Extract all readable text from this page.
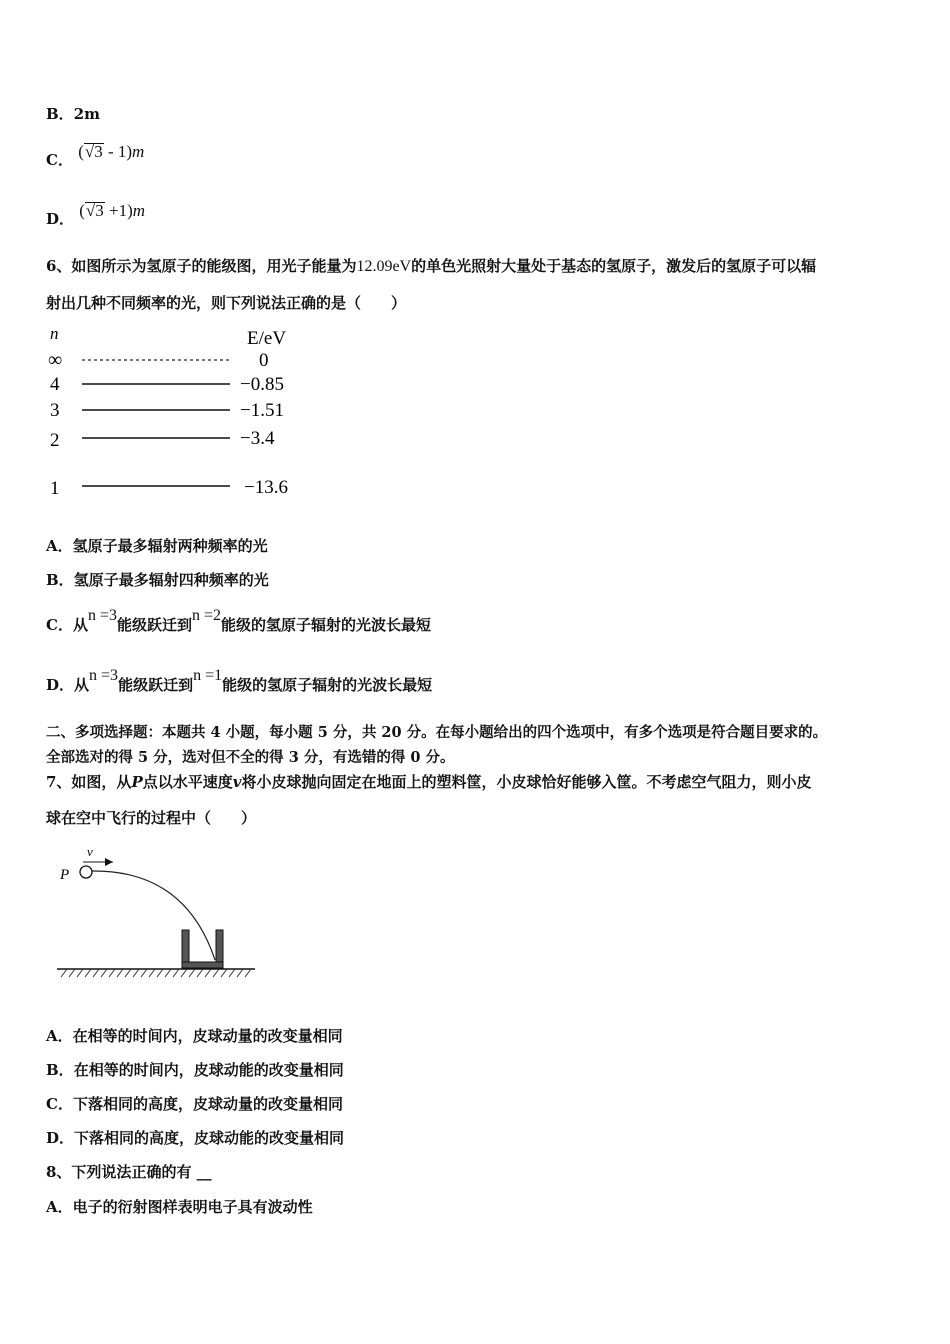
B．2m
C． (√3 - 1)m
D． (√3 +1)m
6、如图所示为氢原子的能级图，用光子能量为12.09eV的单色光照射大量处于基态的氢原子，激发后的氢原子可以辐
射出几种不同频率的光，则下列说法正确的是（　　）
n	E/eV
∞	0
4	−0.85
3	−1.51
2	−3.4
1	−13.6
A．氢原子最多辐射两种频率的光
B．氢原子最多辐射四种频率的光
C．从n =3能级跃迁到n =2能级的氢原子辐射的光波长最短
D．从n =3能级跃迁到n =1能级的氢原子辐射的光波长最短
二、多项选择题：本题共 4 小题，每小题 5 分，共 20 分。在每小题给出的四个选项中，有多个选项是符合题目要求的。
全部选对的得 5 分，选对但不全的得 3 分，有选错的得 0 分。
7、如图，从P点以水平速度v将小皮球抛向固定在地面上的塑料筐，小皮球恰好能够入筐。不考虑空气阻力，则小皮
球在空中飞行的过程中（　　）
v
P
A．在相等的时间内，皮球动量的改变量相同
B．在相等的时间内，皮球动能的改变量相同
C．下落相同的高度，皮球动量的改变量相同
D．下落相同的高度，皮球动能的改变量相同
8、下列说法正确的有 __
A．电子的衍射图样表明电子具有波动性
